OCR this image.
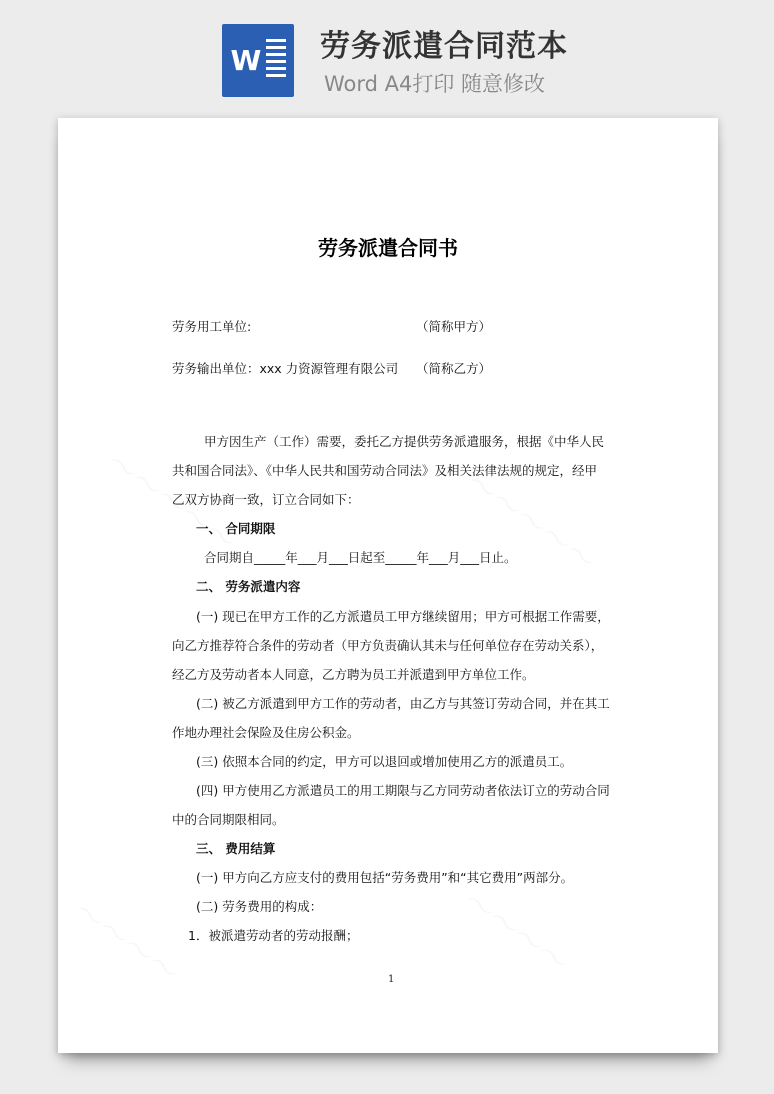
W 劳务派遣合同范本
Word A4打印 随意修改
劳务派遣合同书
劳务用工单位:	（简称甲方）
劳务输出单位：xxx 力资源管理有限公司 （简称乙方）
甲方因生产（工作）需要，委托乙方提供劳务派遣服务，根据《中华人民
共和国合同法》、《中华人民共和国劳动合同法》及相关法律法规的规定，经甲
乙双方协商一致，订立合同如下：
一、 合同期限
合同期自_____年___月___日起至_____年___月___日止。
二、 劳务派遣内容
(一) 现已在甲方工作的乙方派遣员工甲方继续留用；甲方可根据工作需要，
向乙方推荐符合条件的劳动者（甲方负责确认其未与任何单位存在劳动关系），
经乙方及劳动者本人同意，乙方聘为员工并派遣到甲方单位工作。
(二) 被乙方派遣到甲方工作的劳动者，由乙方与其签订劳动合同，并在其工
作地办理社会保险及住房公积金。
(三) 依照本合同的约定，甲方可以退回或增加使用乙方的派遣员工。
(四) 甲方使用乙方派遣员工的用工期限与乙方同劳动者依法订立的劳动合同
中的合同期限相同。
三、 费用结算
(一) 甲方向乙方应支付的费用包括“劳务费用”和“其它费用”两部分。
(二) 劳务费用的构成：
1．被派遣劳动者的劳动报酬；
1
